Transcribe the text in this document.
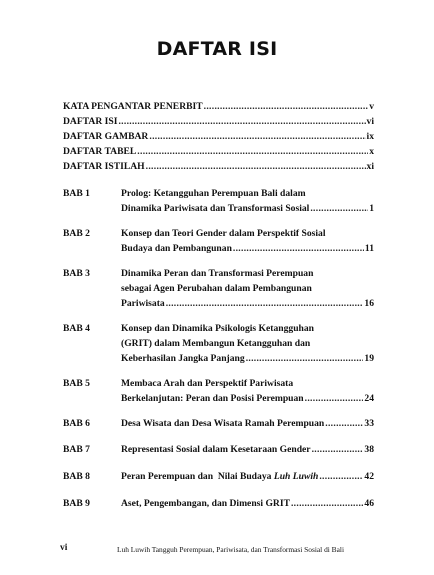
DAFTAR ISI
KATA PENGANTAR PENERBIT .....	v
DAFTAR ISI .....	vi
DAFTAR GAMBAR .....	ix
DAFTAR TABEL .....	x
DAFTAR ISTILAH .....	xi
BAB 1	Prolog: Ketangguhan Perempuan Bali dalam
Dinamika Pariwisata dan Transformasi Sosial .....	1
BAB 2	Konsep dan Teori Gender dalam Perspektif Sosial
Budaya dan Pembangunan .....	11
BAB 3	Dinamika Peran dan Transformasi Perempuan
sebagai Agen Perubahan dalam Pembangunan
Pariwisata .....	16
BAB 4	Konsep dan Dinamika Psikologis Ketangguhan
(GRIT) dalam Membangun Ketangguhan dan
Keberhasilan Jangka Panjang .....	19
BAB 5	Membaca Arah dan Perspektif Pariwisata
Berkelanjutan: Peran dan Posisi Perempuan .....	24
BAB 6	Desa Wisata dan Desa Wisata Ramah Perempuan .....	33
BAB 7	Representasi Sosial dalam Kesetaraan Gender .....	38
BAB 8	Peran Perempuan dan  Nilai Budaya
Luh Luwih .....	42
BAB 9	Aset, Pengembangan, dan Dimensi GRIT .....	46
vi	Luh Luwih Tangguh Perempuan, Pariwisata, dan Transformasi Sosial di Bali
